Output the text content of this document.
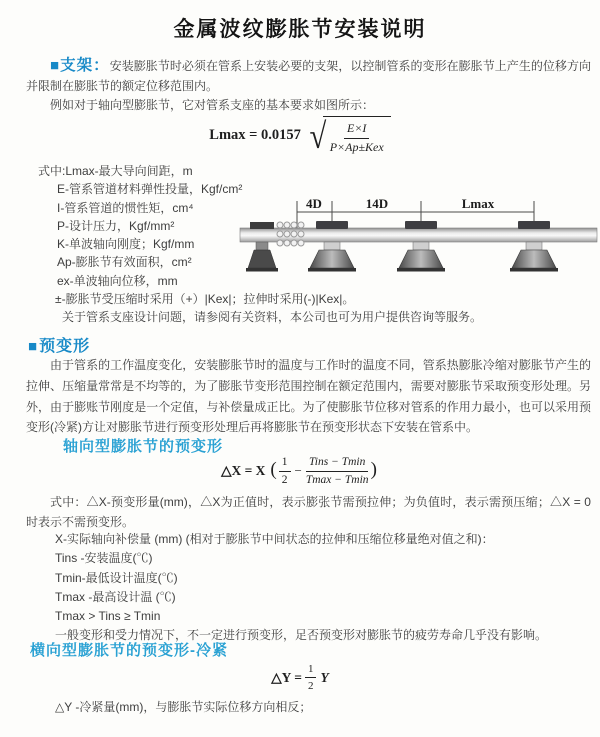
金属波纹膨胀节安装说明

■支架：安装膨胀节时必须在管系上安装必要的支架，以控制管系的变形在膨胀节上产生的位移方向并限制在膨胀节的额定位移范围内。

例如对于轴向型膨胀节，它对管系支座的基本要求如图所示：

Lmax = 0.0157 √ $\frac{E\times I}{\text{P×Ap±Kex}}$
式中:Lmax-最大导向间距，m
E-管系管道材料弹性投量，Kgf/cm²
I-管系管道的惯性矩，cm⁴
P-设计压力，Kgf/mm²
K-单波轴向刚度；Kgf/mm
Ap-膨胀节有效面积，cm²
ex-单波轴向位移，mm
±-膨胀节受压缩时采用（+）|Kex|；拉伸时采用(-)|Kex|。
关于管系支座设计问题，请参阅有关资料，本公司也可为用户提供咨询等服务。
4D	14D	Lmax
■预变形

由于管系的工作温度变化，安装膨胀节时的温度与工作时的温度不同，管系热膨胀冷缩对膨胀节产生的拉伸、压缩量常常是不均等的，为了膨胀节变形范围控制在额定范围内，需要对膨胀节采取预变形处理。另外，由于膨账节刚度是一个定值，与补偿量成正比。为了使膨胀节位移对管系的作用力最小，也可以采用预变形(冷紧)方让对膨胀节进行预变形处理后再将膨胀节在预变形状态下安装在管系中。

轴向型膨胀节的预变形
△X = X ( $\frac{1}{2} - \frac{\text{Tins − Tmin}}{Tmax - Tmin}$ )

式中：△X-预变形量(mm)，△X为正值时，表示膨张节需预拉伸；为负值时，表示需预压缩；△X = 0时表示不需预变形。

X-实际轴向补偿量 (mm) (相对于膨胀节中间状态的拉伸和压缩位移量绝对值之和)：
Tins -安装温度(℃)
Tmin-最低设计温度(℃)
Tmax -最高设计温 (℃)
Tmax > Tins ≥ Tmin
一般变形和受力情况下，不一定进行预变形，足否预变形对膨胀节的疲劳寿命几乎没有影响。
横向型膨胀节的预变形-冷紧
△Y = $\frac{1}{2}$ Y
△Y -冷紧量(mm)，与膨胀节实际位移方向相反；
